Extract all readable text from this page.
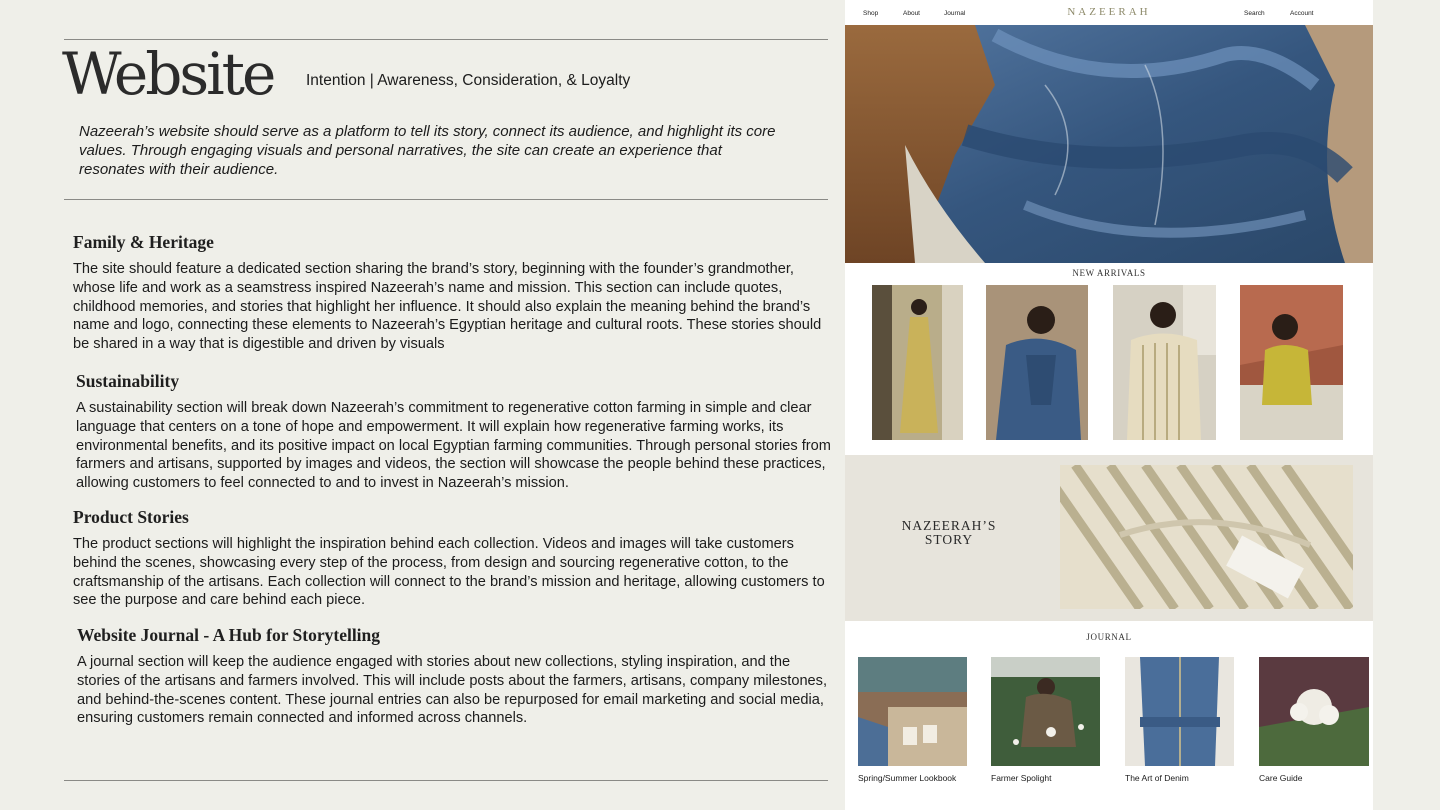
Website Intention | Awareness, Consideration, & Loyalty

Nazeerah’s website should serve as a platform to tell its story, connect its audience, and highlight its core values. Through engaging visuals and personal narratives, the site can create an experience that resonates with their audience.

Family & Heritage

The site should feature a dedicated section sharing the brand’s story, beginning with the founder’s grandmother, whose life and work as a seamstress inspired Nazeerah’s name and mission. This section can include quotes, childhood memories, and stories that highlight her influence. It should also explain the meaning behind the brand’s name and logo, connecting these elements to Nazeerah’s Egyptian heritage and cultural roots. These stories should be shared in a way that is digestible and driven by visuals

Sustainability

A sustainability section will break down Nazeerah’s commitment to regenerative cotton farming in simple and clear language that centers on a tone of hope and empowerment. It will explain how regenerative farming works, its environmental benefits, and its positive impact on local Egyptian farming communities. Through personal stories from farmers and artisans, supported by images and videos, the section will showcase the people behind these practices, allowing customers to feel connected to and to invest in Nazeerah’s mission.

Product Stories

The product sections will highlight the inspiration behind each collection. Videos and images will take customers behind the scenes, showcasing every step of the process, from design and sourcing regenerative cotton, to the craftsmanship of the artisans. Each collection will connect to the brand’s mission and heritage, allowing customers to see the purpose and care behind each piece.

Website Journal - A Hub for Storytelling

A journal section will keep the audience engaged with stories about new collections, styling inspiration, and the stories of the artisans and farmers involved. This will include posts about the farmers, artisans, company milestones, and behind-the-scenes content. These journal entries can also be repurposed for email marketing and social media, ensuring customers remain connected and informed across channels.

Shop	About	Journal	NAZEERAH	Search	Account
NEW ARRIVALS
NAZEERAH’S STORY
JOURNAL
Spring/Summer Lookbook	Farmer Spolight	The Art of Denim	Care Guide
